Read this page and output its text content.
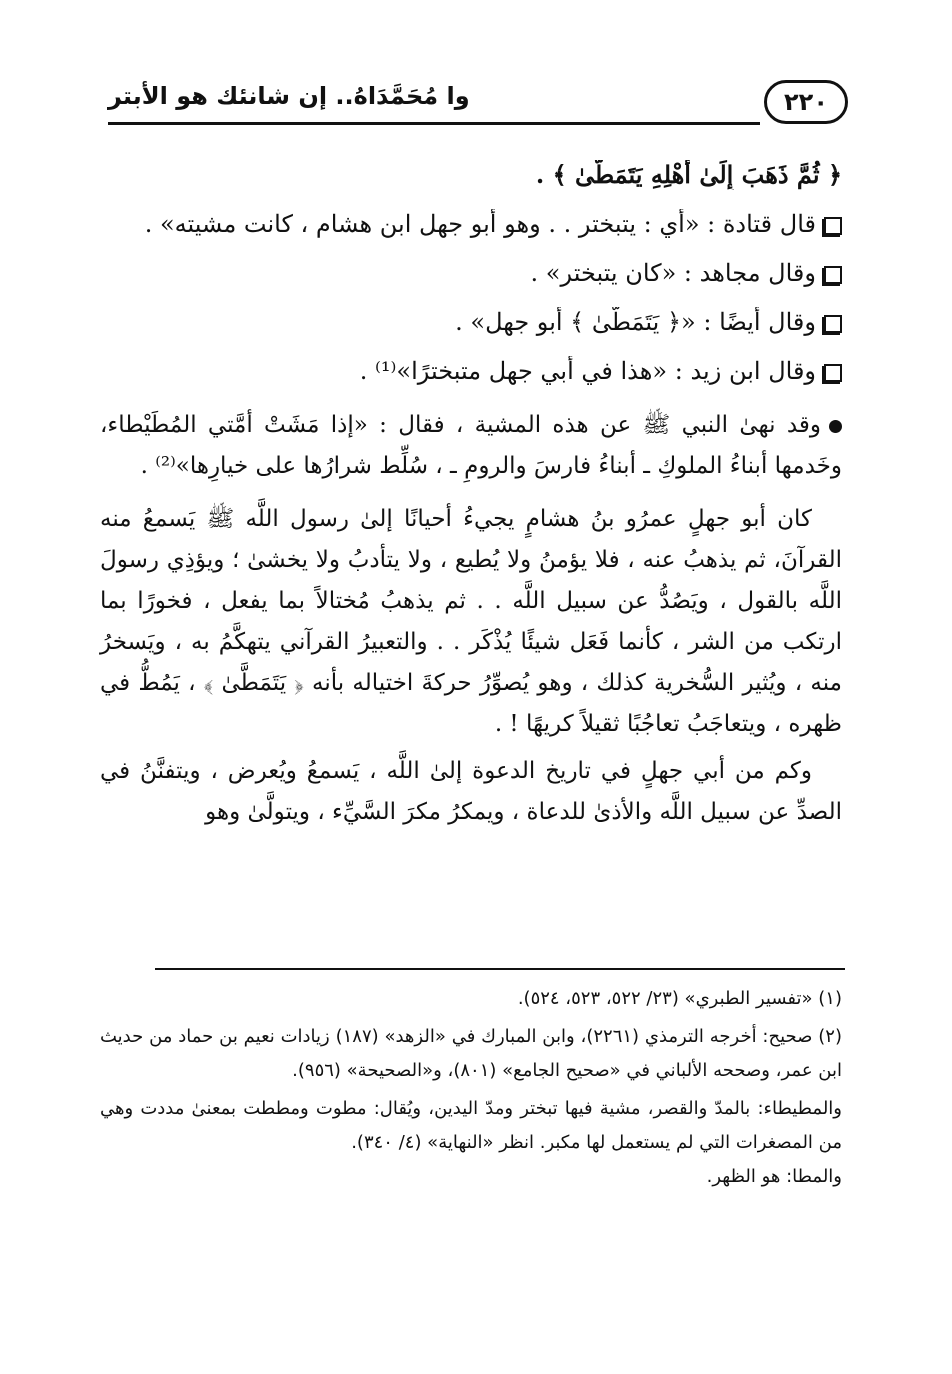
وا مُحَمَّدَاهُ.. إن شانئك هو الأبتر	٢٢٠
﴿ ثُمَّ ذَهَبَ إِلَىٰ أَهْلِهِ يَتَمَطَّىٰ ﴾ .
قال قتادة : «أي : يتبختر . . وهو أبو جهل ابن هشام ، كانت مشيته» .
وقال مجاهد : «كان يتبختر» .
وقال أيضًا : «﴿ يَتَمَطَّىٰ ﴾ أبو جهل» .
وقال ابن زيد : «هذا في أبي جهل متبخترًا»⁽¹⁾ .
وقد نهىٰ النبي ﷺ عن هذه المشية ، فقال : «إذا مَشَتْ أمَّتي المُطَيْطاء، وخَدمها أبناءُ الملوكِ ـ أبناءُ فارسَ والرومِ ـ ، سُلِّط شرارُها على خيارِها»⁽²⁾ .
كان أبو جهلٍ عمرُو بنُ هشامٍ يجيءُ أحيانًا إلىٰ رسول اللَّه ﷺ يَسمعُ منه القرآنَ، ثم يذهبُ عنه ، فلا يؤمنُ ولا يُطيع ، ولا يتأدبُ ولا يخشىٰ ؛ ويؤذِي رسولَ اللَّه بالقول ، ويَصُدُّ عن سبيل اللَّه . . ثم يذهبُ مُختالاً بما يفعل ، فخورًا بما ارتكب من الشر ، كأنما فَعَل شيئًا يُذْكَر . . والتعبيرُ القرآني يتهكَّمُ به ، ويَسخرُ منه ، ويُثير السُّخرية كذلك ، وهو يُصوِّرُ حركةَ اختياله بأنه ﴿ يَتَمَطَّىٰ ﴾ ، يَمُطُّ في ظهره ، ويتعاجَبُ تعاجُبًا ثقيلاً كريهًا ! .
وكم من أبي جهلٍ في تاريخ الدعوة إلىٰ اللَّه ، يَسمعُ ويُعرض ، ويتفنَّنُ في الصدِّ عن سبيل اللَّه والأذىٰ للدعاة ، ويمكرُ مكرَ السَّيِّء ، ويتولَّىٰ وهو
(١) «تفسير الطبري» (٢٣/ ٥٢٢، ٥٢٣، ٥٢٤).
(٢) صحيح: أخرجه الترمذي (٢٢٦١)، وابن المبارك في «الزهد» (١٨٧) زيادات نعيم بن حماد من حديث ابن عمر، وصححه الألباني في «صحيح الجامع» (٨٠١)، و«الصحيحة» (٩٥٦).
والمطيطاء: بالمدّ والقصر، مشية فيها تبختر ومدّ اليدين، ويُقال: مطوت ومططت بمعنىٰ مددت وهي من المصغرات التي لم يستعمل لها مكبر. انظر «النهاية» (٤/ ٣٤٠).
والمطا: هو الظهر.
